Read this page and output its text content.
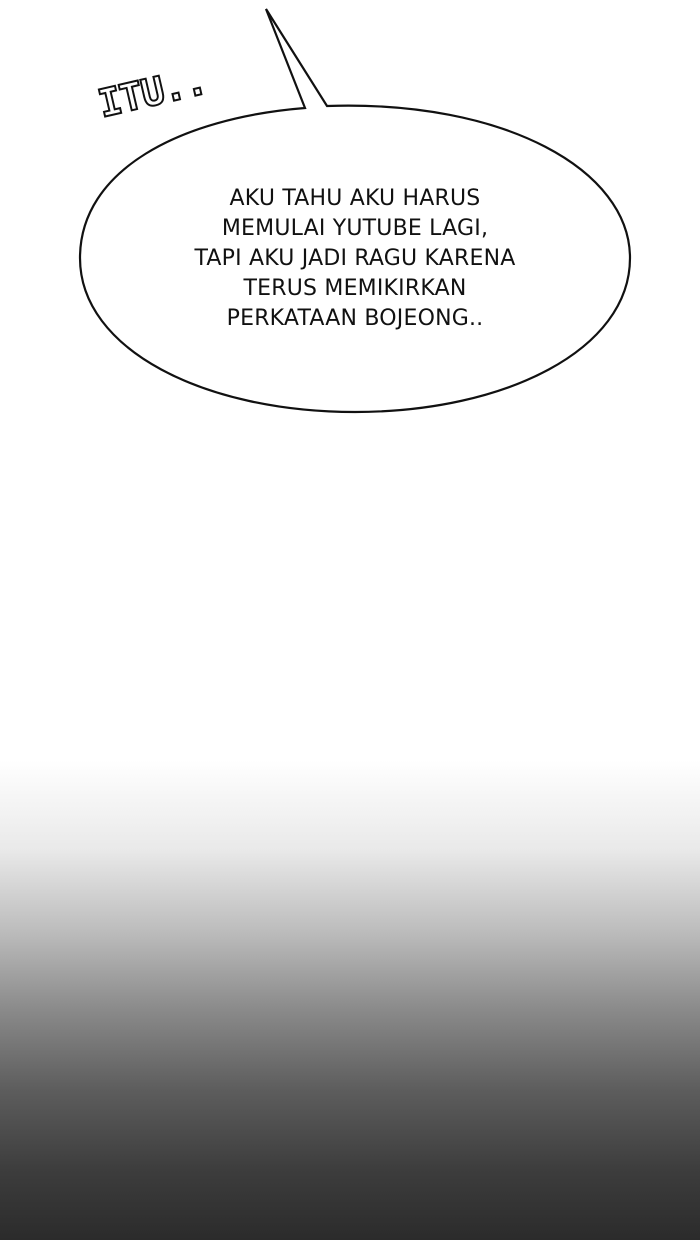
ITU..
AKU TAHU AKU HARUS
MEMULAI YUTUBE LAGI,
TAPI AKU JADI RAGU KARENA
TERUS MEMIKIRKAN
PERKATAAN BOJEONG..
